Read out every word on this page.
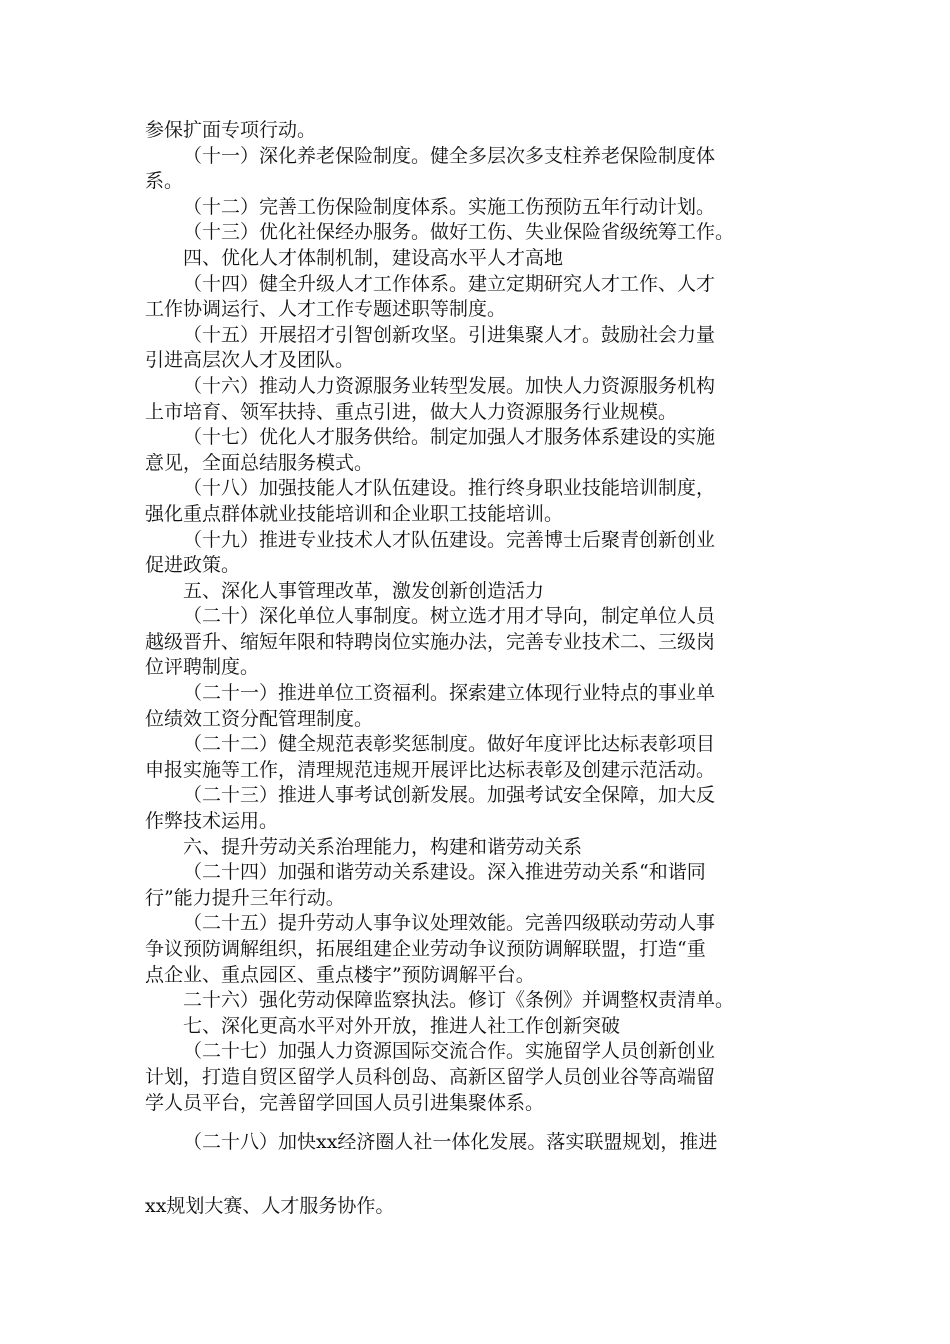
参保扩面专项行动。

（十一）深化养老保险制度。健全多层次多支柱养老保险制度体

系。

（十二）完善工伤保险制度体系。实施工伤预防五年行动计划。

（十三）优化社保经办服务。做好工伤、失业保险省级统筹工作。

四、优化人才体制机制，建设高水平人才高地

（十四）健全升级人才工作体系。建立定期研究人才工作、人才

工作协调运行、人才工作专题述职等制度。

（十五）开展招才引智创新攻坚。引进集聚人才。鼓励社会力量

引进高层次人才及团队。

（十六）推动人力资源服务业转型发展。加快人力资源服务机构

上市培育、领军扶持、重点引进，做大人力资源服务行业规模。

（十七）优化人才服务供给。制定加强人才服务体系建设的实施

意见，全面总结服务模式。

（十八）加强技能人才队伍建设。推行终身职业技能培训制度，

强化重点群体就业技能培训和企业职工技能培训。

（十九）推进专业技术人才队伍建设。完善博士后聚青创新创业

促进政策。

五、深化人事管理改革，激发创新创造活力

（二十）深化单位人事制度。树立选才用才导向，制定单位人员

越级晋升、缩短年限和特聘岗位实施办法，完善专业技术二、三级岗

位评聘制度。

（二十一）推进单位工资福利。探索建立体现行业特点的事业单

位绩效工资分配管理制度。

（二十二）健全规范表彰奖惩制度。做好年度评比达标表彰项目

申报实施等工作，清理规范违规开展评比达标表彰及创建示范活动。

（二十三）推进人事考试创新发展。加强考试安全保障，加大反

作弊技术运用。

六、提升劳动关系治理能力，构建和谐劳动关系

（二十四）加强和谐劳动关系建设。深入推进劳动关系“和谐同

行”能力提升三年行动。

（二十五）提升劳动人事争议处理效能。完善四级联动劳动人事

争议预防调解组织，拓展组建企业劳动争议预防调解联盟，打造“重

点企业、重点园区、重点楼宇”预防调解平台。

二十六）强化劳动保障监察执法。修订《条例》并调整权责清单。

七、深化更高水平对外开放，推进人社工作创新突破

（二十七）加强人力资源国际交流合作。实施留学人员创新创业

计划，打造自贸区留学人员科创岛、高新区留学人员创业谷等高端留

学人员平台，完善留学回国人员引进集聚体系。

（二十八）加快xx经济圈人社一体化发展。落实联盟规划，推进

xx规划大赛、人才服务协作。
